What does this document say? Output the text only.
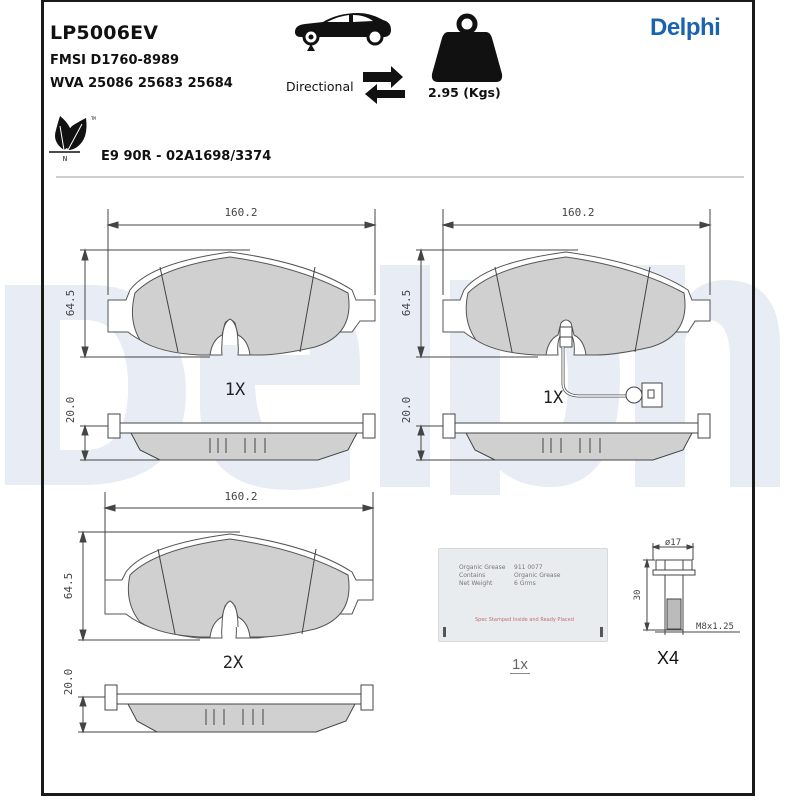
LP5006EV
FMSI D1760-8989
WVA 25086 25683 25684
N
TM
E9 90R - 02A1698/3374
Directional	2.95 (Kgs)
Delphi
160.2
64.5
1X
20.0
160.2
64.5
1X
20.0
160.2
64.5
2X
20.0
Organic Grease	911 0077
Contains	Organic Grease
Net Weight	6 Grms
Spec Stamped Inside and Ready Placed
1x
ø17
30
M8x1.25
X4
